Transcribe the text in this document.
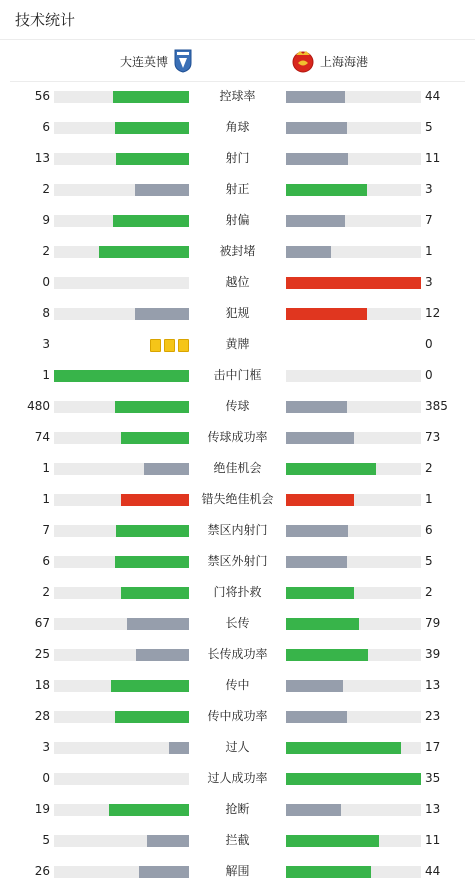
技术统计
大连英博	上海海港
56	控球率	44
6	角球	5
13	射门	11
2	射正	3
9	射偏	7
2	被封堵	1
0	越位	3
8	犯规	12
3	黄牌	0
1	击中门框	0
480	传球	385
74	传球成功率	73
1	绝佳机会	2
1	错失绝佳机会	1
7	禁区内射门	6
6	禁区外射门	5
2	门将扑救	2
67	长传	79
25	长传成功率	39
18	传中	13
28	传中成功率	23
3	过人	17
0	过人成功率	35
19	抢断	13
5	拦截	11
26	解围	44
